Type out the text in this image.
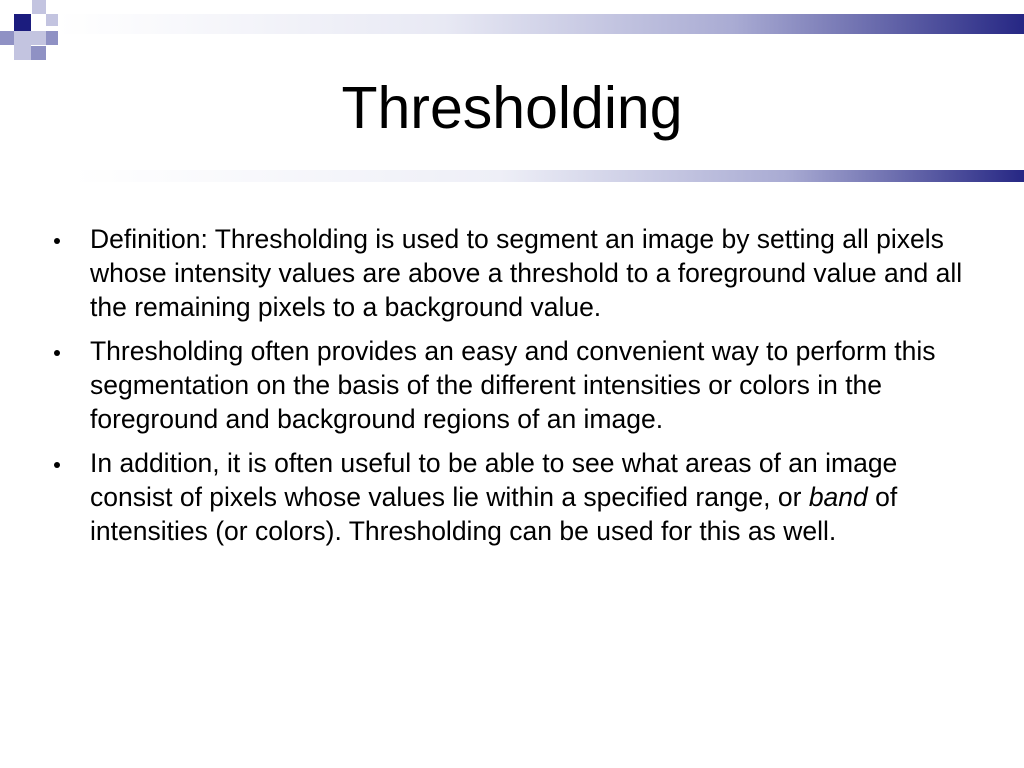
Thresholding
Definition: Thresholding is used to segment an image by setting all pixels whose intensity values are above a threshold to a foreground value and all the remaining pixels to a background value.
Thresholding often provides an easy and convenient way to perform this segmentation on the basis of the different intensities or colors in the foreground and background regions of an image.
In addition, it is often useful to be able to see what areas of an image consist of pixels whose values lie within a specified range, or band of intensities (or colors). Thresholding can be used for this as well.
